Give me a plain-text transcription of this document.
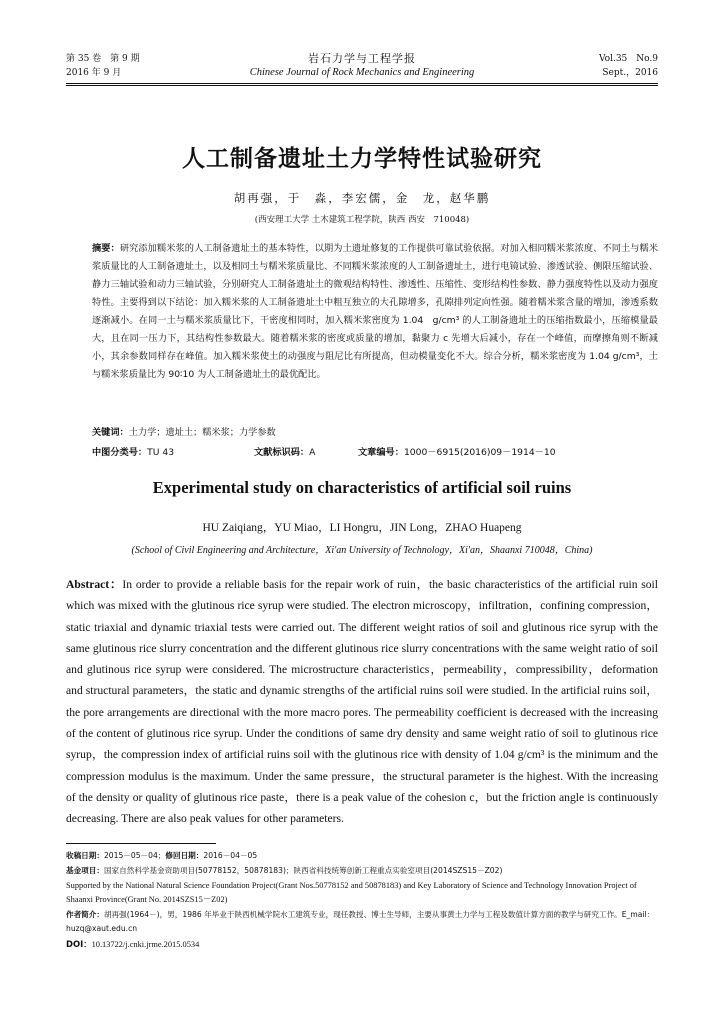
第 35 卷　第 9 期
2016 年 9 月
岩石力学与工程学报
Chinese Journal of Rock Mechanics and Engineering
Vol.35　No.9
Sept.，2016
人工制备遗址土力学特性试验研究
胡再强，于　淼，李宏儒，金　龙，赵华鹏
(西安理工大学 土木建筑工程学院，陕西 西安　710048)
摘要：研究添加糯米浆的人工制备遗址土的基本特性，以期为土遗址修复的工作提供可靠试验依据。对加入相同糯米浆浓度、不同土与糯米浆质量比的人工制备遗址土，以及相同土与糯米浆质量比、不同糯米浆浓度的人工制备遗址土，进行电镜试验、渗透试验、侧限压缩试验、静力三轴试验和动力三轴试验，分别研究人工制备遗址土的微观结构特性、渗透性、压缩性、变形结构性参数、静力强度特性以及动力强度特性。主要得到以下结论：加入糯米浆的人工制备遗址土中粗互独立的大孔隙增多，孔隙排列定向性强。随着糯米浆含量的增加，渗透系数逐渐减小。在同一土与糯米浆质量比下，干密度相同时，加入糯米浆密度为 1.04　g/cm³ 的人工制备遗址土的压缩指数最小，压缩模量最大，且在同一压力下，其结构性参数最大。随着糯米浆的密度或质量的增加，黏聚力 c 先增大后减小，存在一个峰值，而摩擦角则不断减小，其余参数同样存在峰值。加入糯米浆使土的动强度与阻尼比有所提高，但动模量变化不大。综合分析，糯米浆密度为 1.04 g/cm³，土与糯米浆质量比为 90∶10 为人工制备遗址土的最优配比。
关键词：土力学；遗址土；糯米浆；力学参数
中图分类号：TU 43	文献标识码：A	文章编号：1000－6915(2016)09－1914－10
Experimental study on characteristics of artificial soil ruins
HU Zaiqiang，YU Miao，LI Hongru，JIN Long，ZHAO Huapeng
(School of Civil Engineering and Architecture，Xi'an University of Technology，Xi'an，Shaanxi 710048，China)
Abstract：In order to provide a reliable basis for the repair work of ruin，the basic characteristics of the artificial ruin soil which was mixed with the glutinous rice syrup were studied. The electron microscopy，infiltration，confining compression，static triaxial and dynamic triaxial tests were carried out. The different weight ratios of soil and glutinous rice syrup with the same glutinous rice slurry concentration and the different glutinous rice slurry concentrations with the same weight ratio of soil and glutinous rice syrup were considered. The microstructure characteristics，permeability，compressibility，deformation and structural parameters，the static and dynamic strengths of the artificial ruins soil were studied. In the artificial ruins soil，the pore arrangements are directional with the more macro pores. The permeability coefficient is decreased with the increasing of the content of glutinous rice syrup. Under the conditions of same dry density and same weight ratio of soil to glutinous rice syrup，the compression index of artificial ruins soil with the glutinous rice with density of 1.04 g/cm³ is the minimum and the compression modulus is the maximum. Under the same pressure，the structural parameter is the highest. With the increasing of the density or quality of glutinous rice paste，there is a peak value of the cohesion c，but the friction angle is continuously decreasing. There are also peak values for other parameters.
收稿日期：2015－05－04；修回日期：2016－04－05
基金项目：国家自然科学基金资助项目(50778152，50878183)；陕西省科技统筹创新工程重点实验室项目(2014SZS15－Z02)
Supported by the National Natural Science Foundation Project(Grant Nos.50778152 and 50878183) and Key Laboratory of Science and Technology Innovation Project of Shaanxi Province(Grant No. 2014SZS15－Z02)
作者简介：胡再强(1964－)，男，1986 年毕业于陕西机械学院水工建筑专业，现任教授、博士生导师，主要从事黄土力学与工程及数值计算方面的教学与研究工作。E_mail：huzq@xaut.edu.cn
DOI：10.13722/j.cnki.jrme.2015.0534
